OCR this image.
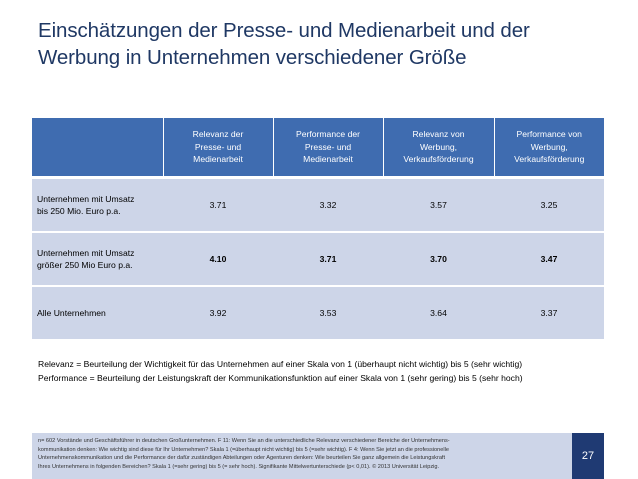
Einschätzungen der Presse- und Medienarbeit und der
Werbung in Unternehmen verschiedener Größe
	Relevanz der
Presse- und
Medienarbeit	Performance der
Presse- und
Medienarbeit	Relevanz von
Werbung,
Verkaufsförderung	Performance von
Werbung,
Verkaufsförderung
Unternehmen mit Umsatz
bis 250 Mio. Euro p.a.	3.71	3.32	3.57	3.25
Unternehmen mit Umsatz
größer 250 Mio Euro p.a.	4.10	3.71	3.70	3.47
Alle Unternehmen	3.92	3.53	3.64	3.37
Relevanz = Beurteilung der Wichtigkeit für das Unternehmen auf einer Skala von 1 (überhaupt nicht wichtig) bis 5 (sehr wichtig)
Performance = Beurteilung der Leistungskraft der Kommunikationsfunktion auf einer Skala von 1 (sehr gering) bis 5 (sehr hoch)
n= 602 Vorstände und Geschäftsführer in deutschen Großunternehmen. F 11: Wenn Sie an die unterschiedliche Relevanz verschiedener Bereiche der Unternehmens-
kommunikation denken: Wie wichtig sind diese für Ihr Unternehmen? Skala 1 (=überhaupt nicht wichtig) bis 5 (=sehr wichtig). F 4: Wenn Sie jetzt an die professionelle
Unternehmenskommunikation und die Performance der dafür zuständigen Abteilungen oder Agenturen denken: Wie beurteilen Sie ganz allgemein die Leistungskraft
Ihres Unternehmens in folgenden Bereichen? Skala 1 (=sehr gering) bis 5 (= sehr hoch). Signifikante Mittelwertunterschiede (p< 0,01). © 2013 Universität Leipzig.
27
